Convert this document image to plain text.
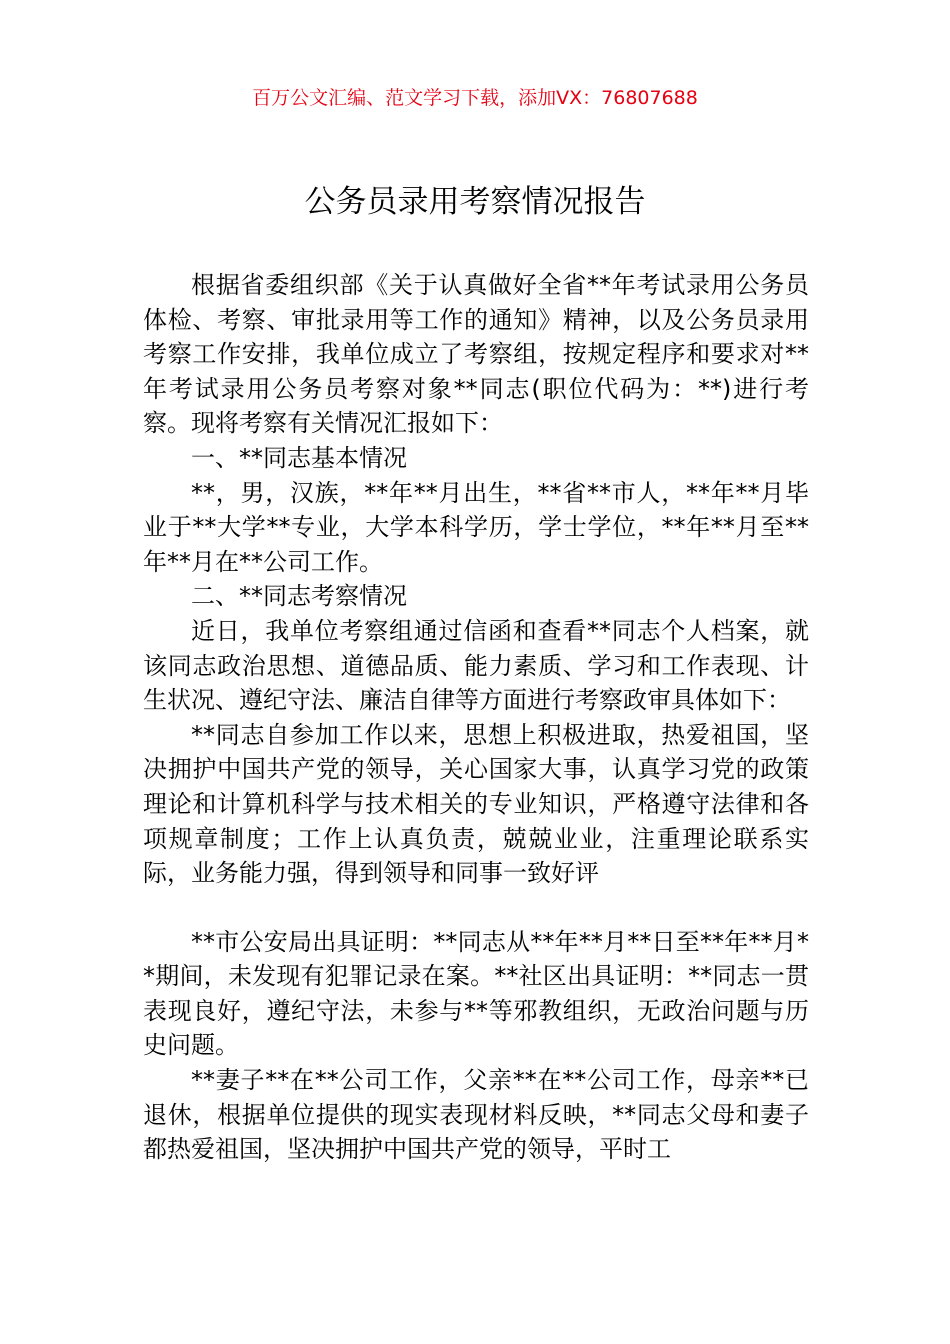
百万公文汇编、范文学习下载，添加VX：76807688
公务员录用考察情况报告

根据省委组织部《关于认真做好全省**年考试录用公务员体检、考察、审批录用等工作的通知》精神，以及公务员录用考察工作安排，我单位成立了考察组，按规定程序和要求对**年考试录用公务员考察对象**同志(职位代码为：**)进行考察。现将考察有关情况汇报如下：

一、**同志基本情况

**，男，汉族，**年**月出生，**省**市人，**年**月毕业于**大学**专业，大学本科学历，学士学位，**年**月至**年**月在**公司工作。

二、**同志考察情况

近日，我单位考察组通过信函和查看**同志个人档案，就该同志政治思想、道德品质、能力素质、学习和工作表现、计生状况、遵纪守法、廉洁自律等方面进行考察政审具体如下：

**同志自参加工作以来，思想上积极进取，热爱祖国，坚决拥护中国共产党的领导，关心国家大事，认真学习党的政策理论和计算机科学与技术相关的专业知识，严格遵守法律和各项规章制度；工作上认真负责，兢兢业业，注重理论联系实际，业务能力强，得到领导和同事一致好评

**市公安局出具证明：**同志从**年**月**日至**年**月**期间，未发现有犯罪记录在案。**社区出具证明：**同志一贯表现良好，遵纪守法，未参与**等邪教组织，无政治问题与历史问题。

**妻子**在**公司工作，父亲**在**公司工作，母亲**已退休，根据单位提供的现实表现材料反映，**同志父母和妻子都热爱祖国，坚决拥护中国共产党的领导，平时工
